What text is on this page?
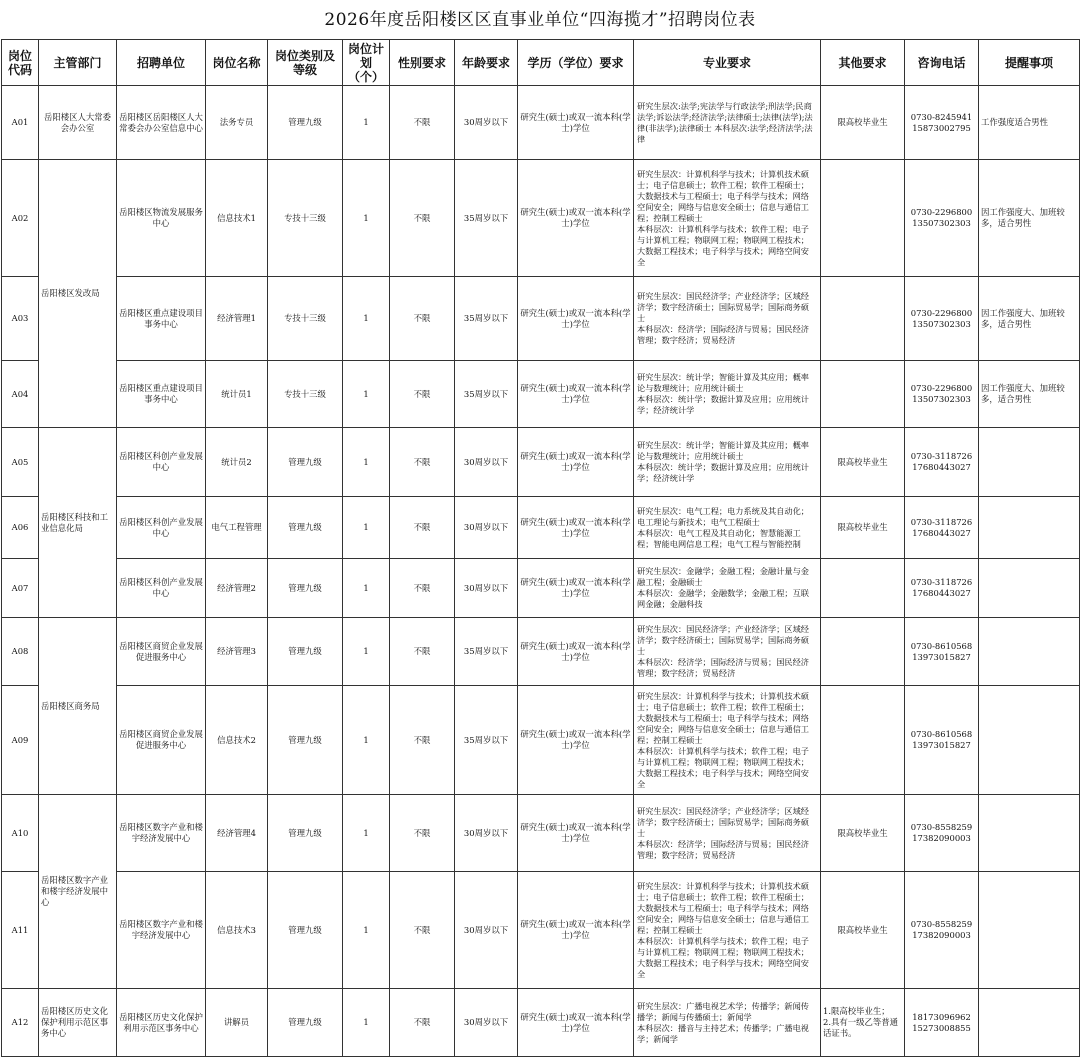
2026年度岳阳楼区区直事业单位“四海揽才”招聘岗位表
岗位
代码	主管部门	招聘单位	岗位名称	岗位类别及
等级	岗位计
划
（个）	性别要求	年龄要求	学历（学位）要求	专业要求	其他要求	咨询电话	提醒事项
A01	岳阳楼区人大常委会办公室	岳阳楼区岳阳楼区人大常委会办公室信息中心	法务专员	管理九级	1	不限	30周岁以下	研究生(硕士)或双一流本科(学士)学位	研究生层次:法学;宪法学与行政法学;刑法学;民商法学;诉讼法学;经济法学;法律硕士;法律(法学);法律(非法学);法律硕士 本科层次:法学;经济法学;法律	限高校毕业生	0730-8245941
15873002795	工作强度适合男性
A02	岳阳楼区发改局	岳阳楼区物流发展服务中心	信息技术1	专技十三级	1	不限	35周岁以下	研究生(硕士)或双一流本科(学士)学位	研究生层次：计算机科学与技术；计算机技术硕士；电子信息硕士；软件工程；软件工程硕士；大数据技术与工程硕士；电子科学与技术；网络空间安全；网络与信息安全硕士；信息与通信工程；控制工程硕士
本科层次：计算机科学与技术；软件工程；电子与计算机工程；物联网工程；物联网工程技术；大数据工程技术；电子科学与技术；网络空间安全		0730-2296800
13507302303	因工作强度大、加班较多，适合男性
A03		岳阳楼区重点建设项目事务中心	经济管理1	专技十三级	1	不限	35周岁以下	研究生(硕士)或双一流本科(学士)学位	研究生层次：国民经济学；产业经济学；区域经济学；数字经济硕士；国际贸易学；国际商务硕士
本科层次：经济学；国际经济与贸易；国民经济管理；数字经济；贸易经济		0730-2296800
13507302303	因工作强度大、加班较多，适合男性
A04		岳阳楼区重点建设项目事务中心	统计员1	专技十三级	1	不限	35周岁以下	研究生(硕士)或双一流本科(学士)学位	研究生层次：统计学；智能计算及其应用；概率论与数理统计；应用统计硕士
本科层次：统计学；数据计算及应用；应用统计学；经济统计学		0730-2296800
13507302303	因工作强度大、加班较多，适合男性
A05	岳阳楼区科技和工业信息化局	岳阳楼区科创产业发展中心	统计员2	管理九级	1	不限	30周岁以下	研究生(硕士)或双一流本科(学士)学位	研究生层次：统计学；智能计算及其应用；概率论与数理统计；应用统计硕士
本科层次：统计学；数据计算及应用；应用统计学；经济统计学	限高校毕业生	0730-3118726
17680443027	
A06		岳阳楼区科创产业发展中心	电气工程管理	管理九级	1	不限	30周岁以下	研究生(硕士)或双一流本科(学士)学位	研究生层次：电气工程；电力系统及其自动化；电工理论与新技术；电气工程硕士
本科层次：电气工程及其自动化；智慧能源工程；智能电网信息工程；电气工程与智能控制	限高校毕业生	0730-3118726
17680443027	
A07		岳阳楼区科创产业发展中心	经济管理2	管理九级	1	不限	30周岁以下	研究生(硕士)或双一流本科(学士)学位	研究生层次：金融学；金融工程；金融计量与金融工程；金融硕士
本科层次：金融学；金融数学；金融工程；互联网金融；金融科技		0730-3118726
17680443027	
A08	岳阳楼区商务局	岳阳楼区商贸企业发展促进服务中心	经济管理3	管理九级	1	不限	35周岁以下	研究生(硕士)或双一流本科(学士)学位	研究生层次：国民经济学；产业经济学；区域经济学；数字经济硕士；国际贸易学；国际商务硕士
本科层次：经济学；国际经济与贸易；国民经济管理；数字经济；贸易经济		0730-8610568
13973015827	
A09		岳阳楼区商贸企业发展促进服务中心	信息技术2	管理九级	1	不限	35周岁以下	研究生(硕士)或双一流本科(学士)学位	研究生层次：计算机科学与技术；计算机技术硕士；电子信息硕士；软件工程；软件工程硕士；大数据技术与工程硕士；电子科学与技术；网络空间安全；网络与信息安全硕士；信息与通信工程；控制工程硕士
本科层次：计算机科学与技术；软件工程；电子与计算机工程；物联网工程；物联网工程技术；大数据工程技术；电子科学与技术；网络空间安全		0730-8610568
13973015827	
A10	岳阳楼区数字产业和楼宇经济发展中心	岳阳楼区数字产业和楼宇经济发展中心	经济管理4	管理九级	1	不限	30周岁以下	研究生(硕士)或双一流本科(学士)学位	研究生层次：国民经济学；产业经济学；区域经济学；数字经济硕士；国际贸易学；国际商务硕士
本科层次：经济学；国际经济与贸易；国民经济管理；数字经济；贸易经济	限高校毕业生	0730-8558259
17382090003	
A11		岳阳楼区数字产业和楼宇经济发展中心	信息技术3	管理九级	1	不限	30周岁以下	研究生(硕士)或双一流本科(学士)学位	研究生层次：计算机科学与技术；计算机技术硕士；电子信息硕士；软件工程；软件工程硕士；大数据技术与工程硕士；电子科学与技术；网络空间安全；网络与信息安全硕士；信息与通信工程；控制工程硕士
本科层次：计算机科学与技术；软件工程；电子与计算机工程；物联网工程；物联网工程技术；大数据工程技术；电子科学与技术；网络空间安全	限高校毕业生	0730-8558259
17382090003	
A12	岳阳楼区历史文化保护利用示范区事务中心	岳阳楼区历史文化保护利用示范区事务中心	讲解员	管理九级	1	不限	30周岁以下	研究生(硕士)或双一流本科(学士)学位	研究生层次：广播电视艺术学；传播学；新闻传播学；新闻与传播硕士；新闻学
本科层次：播音与主持艺术；传播学；广播电视学；新闻学	1.限高校毕业生；
2.具有一级乙等普通话证书。	18173096962
15273008855	
